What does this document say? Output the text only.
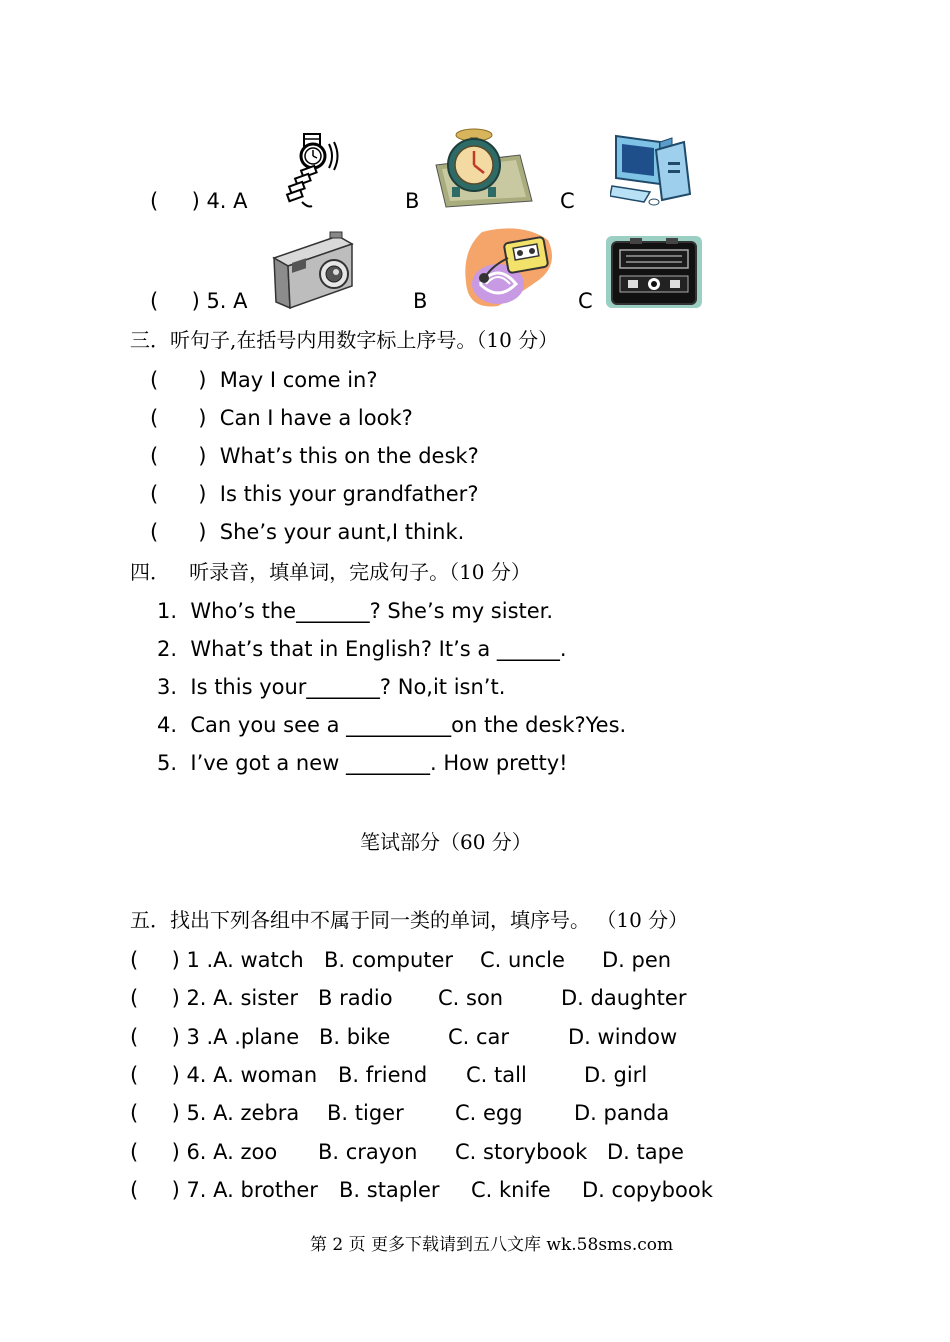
(     ) 4. A	B	C
(     ) 5. A	B	C
三．听句子,在括号内用数字标上序号。（10 分）
(      )  May I come in?
(      )  Can I have a look?
(      )  What’s this on the desk?
(      )  Is this your grandfather?
(      )  She’s your aunt,I think.
四．   听录音，填单词，完成句子。（10 分）
1.  Who’s the_______? She’s my sister.
2.  What’s that in English? It’s a ______.
3.  Is this your_______? No,it isn’t.
4.  Can you see a __________on the desk?Yes.
5.  I’ve got a new ________. How pretty!
笔试部分（60 分）
五．找出下列各组中不属于同一类的单词，填序号。 （10 分）
(     ) 1 .A. watch B. computer C. uncle D. pen
(     ) 2. A. sister B radio C. son	D. daughter
(     ) 3 .A .plane B. bike	C. car	D. window
(     ) 4. A. woman B. friend C. tall	D. girl
(     ) 5. A. zebra B. tiger C. egg D. panda
(     ) 6. A. zoo B. crayon C. storybook D. tape
(     ) 7. A. brother B. stapler C. knife D. copybook
第 2 页 更多下载请到五八文库 wk.58sms.com
